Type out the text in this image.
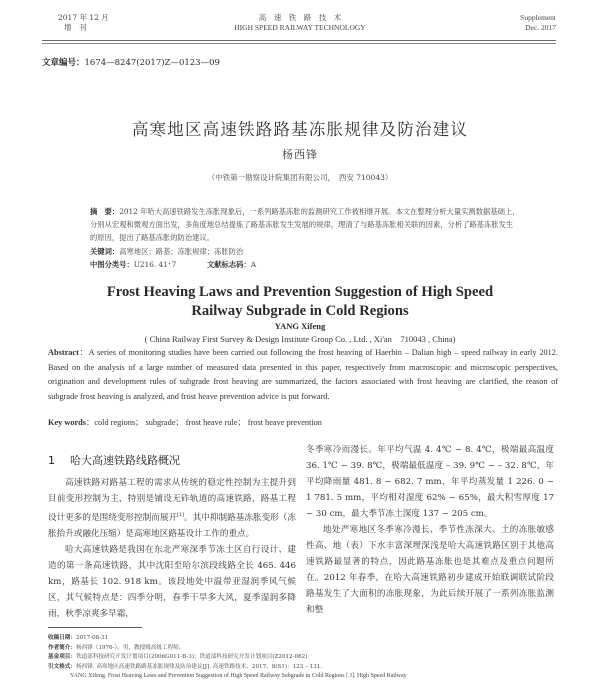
2017 年 12 月
增　刊
高　速　铁　路　技　术
HIGH SPEED RAILWAY TECHNOLOGY
Supplement
Dec. 2017
文章编号：1674—8247(2017)Z—0123—09
高寒地区高速铁路路基冻胀规律及防治建议
杨西锋
（中铁第一勘察设计院集团有限公司，　西安 710043）
摘　要：2012 年哈大高速铁路发生冻胀现象后，一系列路基冻胀的监测研究工作被相继开展。本文在整理分析大量实测数据基础上，分别从宏观和微观方面出发，多角度地总结提炼了路基冻胀发生发展的规律，理清了与路基冻胀相关联的因素，分析了路基冻胀发生的原因，提出了路基冻胀的防治建议。
关键词：高寒地区；路基；冻胀规律；冻胀防治
中图分类号：U216. 41⁺7	文献标志码：A
Frost Heaving Laws and Prevention Suggestion of High Speed
Railway Subgrade in Cold Regions
YANG Xifeng
( China Railway First Survey & Design Institute Group Co. , Ltd. , Xi'an　710043 , China)
Abstract：A series of monitoring studies have been carried out following the frost heaving of Haerbin – Dalian high – speed railway in early 2012. Based on the analysis of a large number of measured data presented in this paper, respectively from macroscopic and microscopic perspectives, origination and development rules of subgrade frost heaving are summarized, the factors associated with frost heaving are clarified, the reason of subgrade frost heaving is analyzed, and frost heave prevention advice is put forward.
Key words：cold regions； subgrade； frost heave rule； frost heave prevention
1 哈大高速铁路线路概况

高速铁路对路基工程的需求从传统的稳定性控制为主提升到目前变形控制为主，特别是铺设无砟轨道的高速铁路，路基工程设计更多的是围绕变形控制而展开[1]。其中抑制路基冻胀变形（冻胀抬升或融化压缩）是高寒地区路基设计工作的重点。

哈大高速铁路是我国在东北严寒深季节冻土区自行设计、建造的第一条高速铁路，其中沈阳至哈尔滨段线路全长 465. 446 km，路基长 102. 918 km。该段地处中温带亚湿润季风气候区，其气候特点是：四季分明，春季干旱多大风，夏季湿润多降雨，秋季凉爽多早霜，

冬季寒冷而漫长。年平均气温 4. 4℃ ~ 8. 4℃，极端最高温度 36. 1℃ ~ 39. 8℃，极端最低温度 – 39. 9℃ ~ – 32. 8℃，年平均降雨量 481. 8 ~ 682. 7 mm，年平均蒸发量 1 226. 0 ~ 1 781. 5 mm，平均相对湿度 62% ~ 65%，最大积雪厚度 17 ~ 30 cm，最大季节冻土深度 137 ~ 205 cm。

地处严寒地区冬季寒冷漫长、季节性冻深大、土的冻胀敏感性高、地（表）下水丰富深埋深浅是哈大高速铁路区别于其他高速铁路最显著的特点，因此路基冻胀也是其难点及重点问题所在。2012 年春季，在哈大高速铁路初步建成开始联调联试阶段路基发生了大面积的冻胀现象，为此后续开展了一系列冻胀监测和整

收稿日期：2017-08-31
作者简介：杨西锋（1976-），男，教授级高级工程师。
基金项目：铁道部科技研究开发计划项目(2006G011-B-3)；铁道部科技研究开发计划项目(Z2012-062)
引文格式：杨西锋. 高寒地区高速铁路路基冻胀规律及防治建议[J]. 高速铁路技术，2017，8(S1)：123 – 131.
YANG Xifeng. Frost Heaving Laws and Prevention Suggestion of High Speed Railway Subgrade in Cold Regions [ J]. High Speed Railway
